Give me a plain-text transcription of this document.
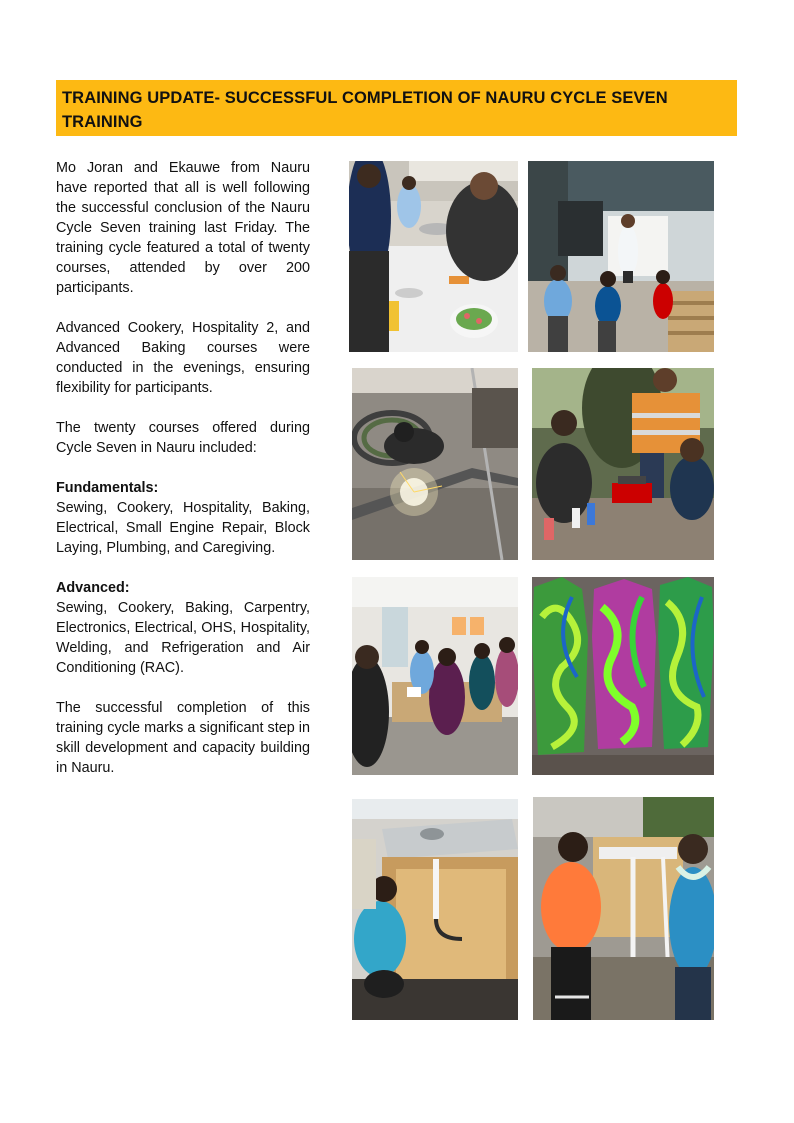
TRAINING UPDATE- SUCCESSFUL COMPLETION OF NAURU CYCLE SEVEN TRAINING

Mo Joran and Ekauwe from Nauru have reported that all is well following the successful conclusion of the Nauru Cycle Seven training last Friday. The training cycle featured a total of twenty courses, attended by over 200 participants.

Advanced Cookery, Hospitality 2, and Advanced Baking courses were conducted in the evenings, ensuring flexibility for participants.

The twenty courses offered during Cycle Seven in Nauru included:

Fundamentals:
Sewing, Cookery, Hospitality, Baking, Electrical, Small Engine Repair, Block Laying, Plumbing, and Caregiving.
Advanced:
Sewing, Cookery, Baking, Carpentry, Electronics, Electrical, OHS, Hospitality, Welding, and Refrigeration and Air Conditioning (RAC).

The successful completion of this training cycle marks a significant step in skill development and capacity building in Nauru.
